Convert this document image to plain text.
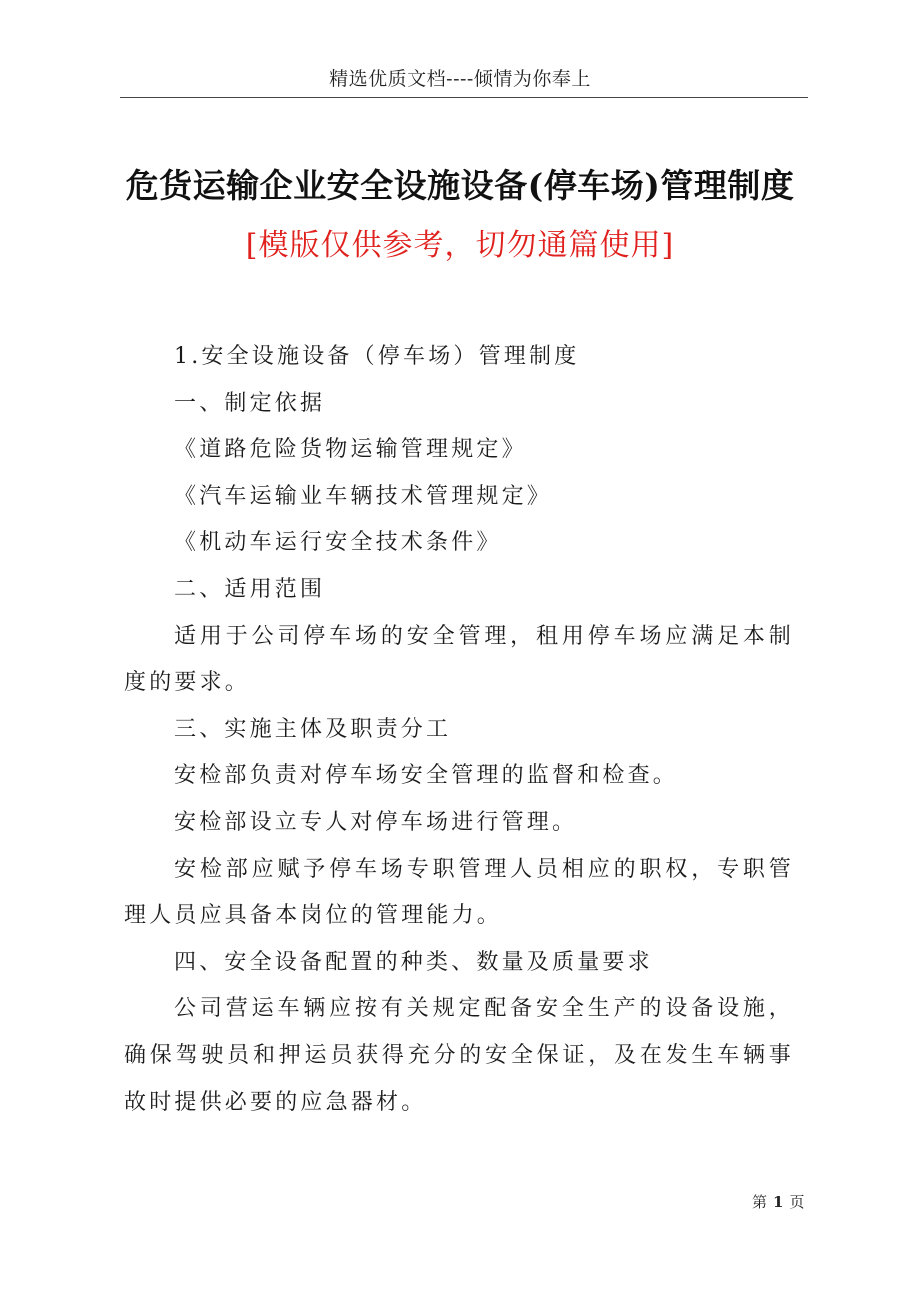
精选优质文档----倾情为你奉上
危货运输企业安全设施设备(停车场)管理制度
[模版仅供参考，切勿通篇使用]

1.安全设施设备（停车场）管理制度

一、制定依据

《道路危险货物运输管理规定》

《汽车运输业车辆技术管理规定》

《机动车运行安全技术条件》

二、适用范围

适用于公司停车场的安全管理，租用停车场应满足本制度的要求。

三、实施主体及职责分工

安检部负责对停车场安全管理的监督和检查。

安检部设立专人对停车场进行管理。

安检部应赋予停车场专职管理人员相应的职权，专职管理人员应具备本岗位的管理能力。

四、安全设备配置的种类、数量及质量要求

公司营运车辆应按有关规定配备安全生产的设备设施，确保驾驶员和押运员获得充分的安全保证，及在发生车辆事故时提供必要的应急器材。

第 1 页
